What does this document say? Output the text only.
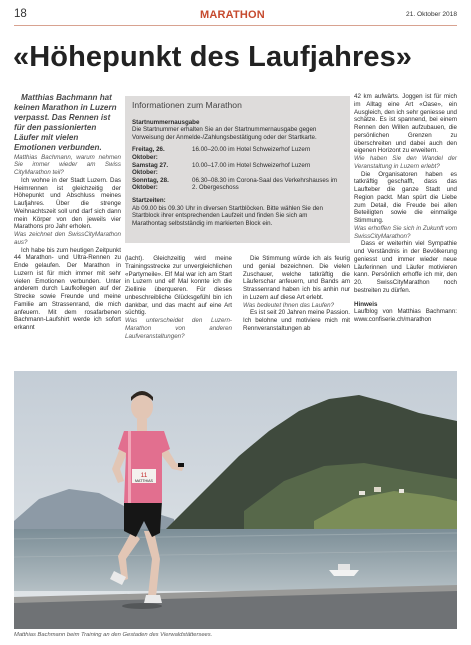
18	MARATHON	21. Oktober 2018
«Höhepunkt des Laufjahres»

Matthias Bachmann hat keinen Marathon in Luzern verpasst. Das Rennen ist für den passionierten Läufer mit vielen Emotionen verbunden.

Matthias Bachmann, warum nehmen Sie immer wieder am Swiss CityMarathon teil?

Ich wohne in der Stadt Luzern. Das Heimrennen ist gleichzeitig der Höhepunkt und Abschluss meines Laufjahres. Über die strenge Weihnachtszeit soll und darf sich dann mein Körper von den jeweils vier Marathons pro Jahr erholen.

Was zeichnet den SwissCityMarathon aus?

Ich habe bis zum heutigen Zeitpunkt 44 Marathon- und Ultra-Rennen zu Ende gelaufen. Der Marathon in Luzern ist für mich immer mit sehr vielen Emotionen verbunden. Unter anderem durch Laufkollegen auf der Strecke sowie Freunde und meine Familie am Strassenrand, die mich anfeuern. Mit dem rosafarbenen Bachmann-Laufshirt werde ich sofort erkannt

Informationen zum Marathon
Startnummernausgabe
Die Startnummer erhalten Sie an der Startnummernausgabe gegen Vorweisung der Anmelde-/Zahlungsbestätigung oder der Startkarte.
Freitag, 26. Oktober:
16.00–20.00 im Hotel Schweizerhof Luzern
Samstag 27. Oktober:
10.00–17.00 im Hotel Schweizerhof Luzern
Sonntag, 28. Oktober:
06.30–08.30 im Corona-Saal des Verkehrshauses im 2. Obergeschoss
Startzeiten:
Ab 09.00 bis 09.30 Uhr in diversen Startblöcken. Bitte wählen Sie den Startblock ihrer entsprechenden Laufzeit und finden Sie sich am Marathontag selbstständig im markierten Block ein.

(lacht). Gleichzeitig wird meine Trainingsstrecke zur unvergleichlichen «Partymeile». Elf Mal war ich am Start in Luzern und elf Mal konnte ich die Ziellinie überqueren. Für dieses unbeschreibliche Glücksgefühl bin ich dankbar, und das macht auf eine Art süchtig.

Was unterscheidet den Luzern-Marathon von anderen Laufveranstaltungen?

Die Stimmung würde ich als feurig und genial bezeichnen. Die vielen Zuschauer, welche tatkräftig die Läuferschar anfeuern, und Bands am Strassenrand haben ich bis anhin nur in Luzern auf diese Art erlebt.

Was bedeutet Ihnen das Laufen?

Es ist seit 20 Jahren meine Passion. Ich belohne und motiviere mich mit Rennveranstaltungen ab

42 km aufwärts. Joggen ist für mich im Alltag eine Art «Oase», ein Ausgleich, den ich sehr geniesse und schätze. Es ist spannend, bei einem Rennen den Willen aufzubauen, die persönlichen Grenzen zu überschreiten und dabei auch den eigenen Horizont zu erweitern.

Wie haben Sie den Wandel der Veranstaltung in Luzern erlebt?

Die Organisatoren haben es tatkräftig geschafft, dass das Laufteber die ganze Stadt und Region packt. Man spürt die Liebe zum Detail, die Freude bei allen Beteiligten sowie die einmalige Stimmung.

Was erhoffen Sie sich in Zukunft vom SwissCityMarathon?

Dass er weiterhin viel Sympathie und Verständnis in der Bevölkerung geniesst und immer wieder neue Läuferinnen und Läufer motivieren kann. Persönlich erhoffe ich mir, den 20. SwissCityMarathon noch bestreiten zu dürfen.

Hinweis

Laufblog von Matthias Bachmann: www.confiserie.ch/marathon

11
MATTHIAS
Matthias Bachmann beim Training an den Gestaden des Vierwaldstättersees.
